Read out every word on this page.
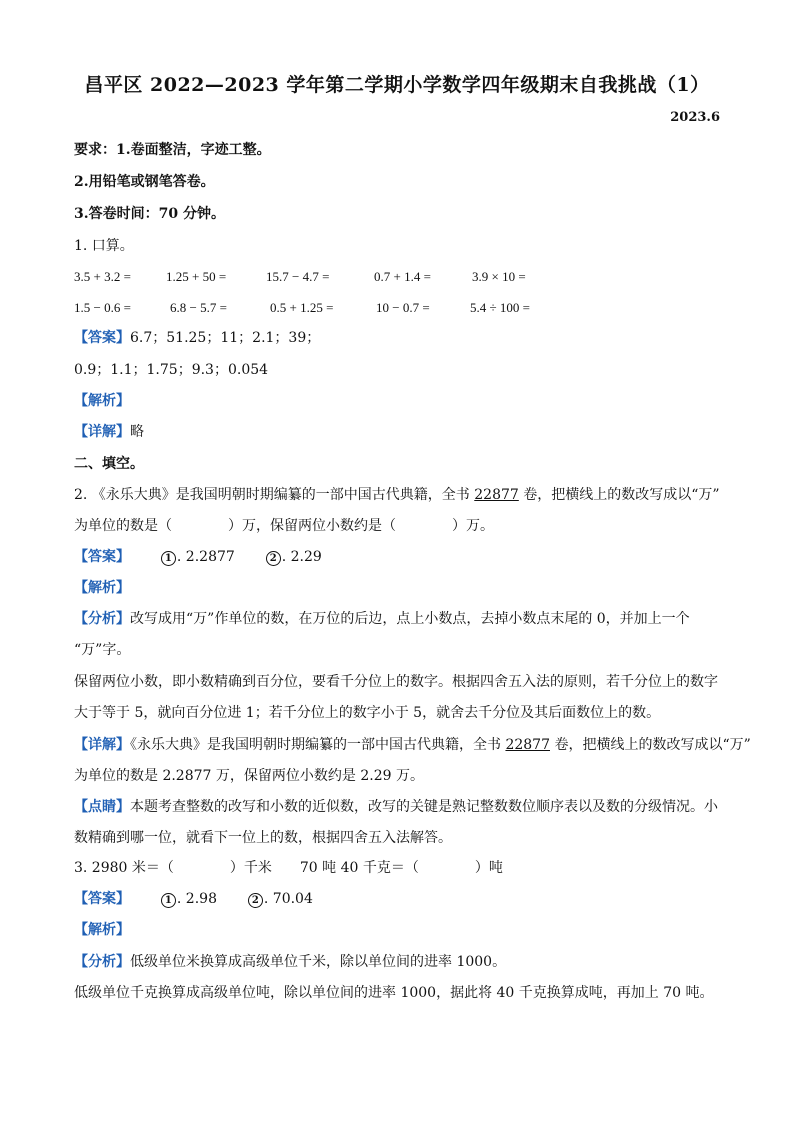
昌平区 2022—2023 学年第二学期小学数学四年级期末自我挑战（1）
2023.6
要求：1.卷面整洁，字迹工整。
2.用铅笔或钢笔答卷。
3.答卷时间：70 分钟。
1. 口算。
3.5 + 3.2 =	1.25 + 50 =	15.7 − 4.7 =	0.7 + 1.4 =	3.9 × 10 =
1.5 − 0.6 =	6.8 − 5.7 =	0.5 + 1.25 =	10 − 0.7 =	5.4 ÷ 100 =
【答案】6.7；51.25；11；2.1；39；
0.9；1.1；1.75；9.3；0.054
【解析】
【详解】略
二、填空。
2. 《永乐大典》是我国明朝时期编纂的一部中国古代典籍，全书 22877 卷，把横线上的数改写成以“万”
为单位的数是（　　　　）万，保留两位小数约是（　　　　）万。
【答案】	1 . 2.2877	2 . 2.29
【解析】
【分析】改写成用“万”作单位的数，在万位的后边，点上小数点，去掉小数点末尾的 0，并加上一个
“万”字。
保留两位小数，即小数精确到百分位，要看千分位上的数字。根据四舍五入法的原则，若千分位上的数字
大于等于 5，就向百分位进 1；若千分位上的数字小于 5，就舍去千分位及其后面数位上的数。
【详解】《永乐大典》是我国明朝时期编纂的一部中国古代典籍，全书 22877 卷，把横线上的数改写成以“万”
为单位的数是 2.2877 万，保留两位小数约是 2.29 万。
【点睛】本题考查整数的改写和小数的近似数，改写的关键是熟记整数数位顺序表以及数的分级情况。小
数精确到哪一位，就看下一位上的数，根据四舍五入法解答。
3. 2980 米＝（　　　　）千米　　70 吨 40 千克＝（　　　　）吨
【答案】	1 . 2.98	2 . 70.04
【解析】
【分析】低级单位米换算成高级单位千米，除以单位间的进率 1000。
低级单位千克换算成高级单位吨，除以单位间的进率 1000，据此将 40 千克换算成吨，再加上 70 吨。
